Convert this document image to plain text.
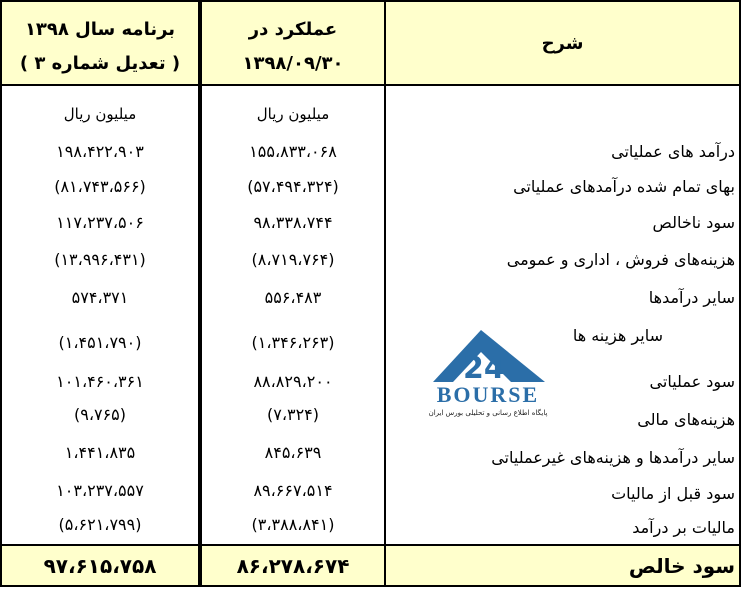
برنامه سال ۱۳۹۸
( تعدیل شماره ۳ )
عملکرد در
۱۳۹۸/۰۹/۳۰
شرح
میلیون ریال	میلیون ریال
درآمد های عملیاتی
۱۵۵،۸۳۳،۰۶۸
۱۹۸،۴۲۲،۹۰۳
بهای تمام شده درآمدهای عملیاتی
(۵۷،۴۹۴،۳۲۴)
(۸۱،۷۴۳،۵۶۶)
سود ناخالص
۹۸،۳۳۸،۷۴۴
۱۱۷،۲۳۷،۵۰۶
هزینه‌های فروش ، اداری و عمومی
(۸،۷۱۹،۷۶۴)
(۱۳،۹۹۶،۴۳۱)
سایر درآمدها
۵۵۶،۴۸۳
۵۷۴،۳۷۱
سایر هزینه ها
(۱،۳۴۶،۲۶۳)
(۱،۴۵۱،۷۹۰)
سود عملیاتی
۸۸،۸۲۹،۲۰۰
۱۰۱،۴۶۰،۳۶۱
هزینه‌های مالی
(۷،۳۲۴)
(۹،۷۶۵)
سایر درآمدها و هزینه‌های غیرعملیاتی
۸۴۵،۶۳۹
۱،۴۴۱،۸۳۵
سود قبل از مالیات
۸۹،۶۶۷،۵۱۴
۱۰۳،۲۳۷،۵۵۷
مالیات بر درآمد
(۳،۳۸۸،۸۴۱)
(۵،۶۲۱،۷۹۹)
سود خالص
۸۶،۲۷۸،۶۷۴
۹۷،۶۱۵،۷۵۸
24
BOURSE
پایگاه اطلاع رسانی و تحلیلی بورس ایران
